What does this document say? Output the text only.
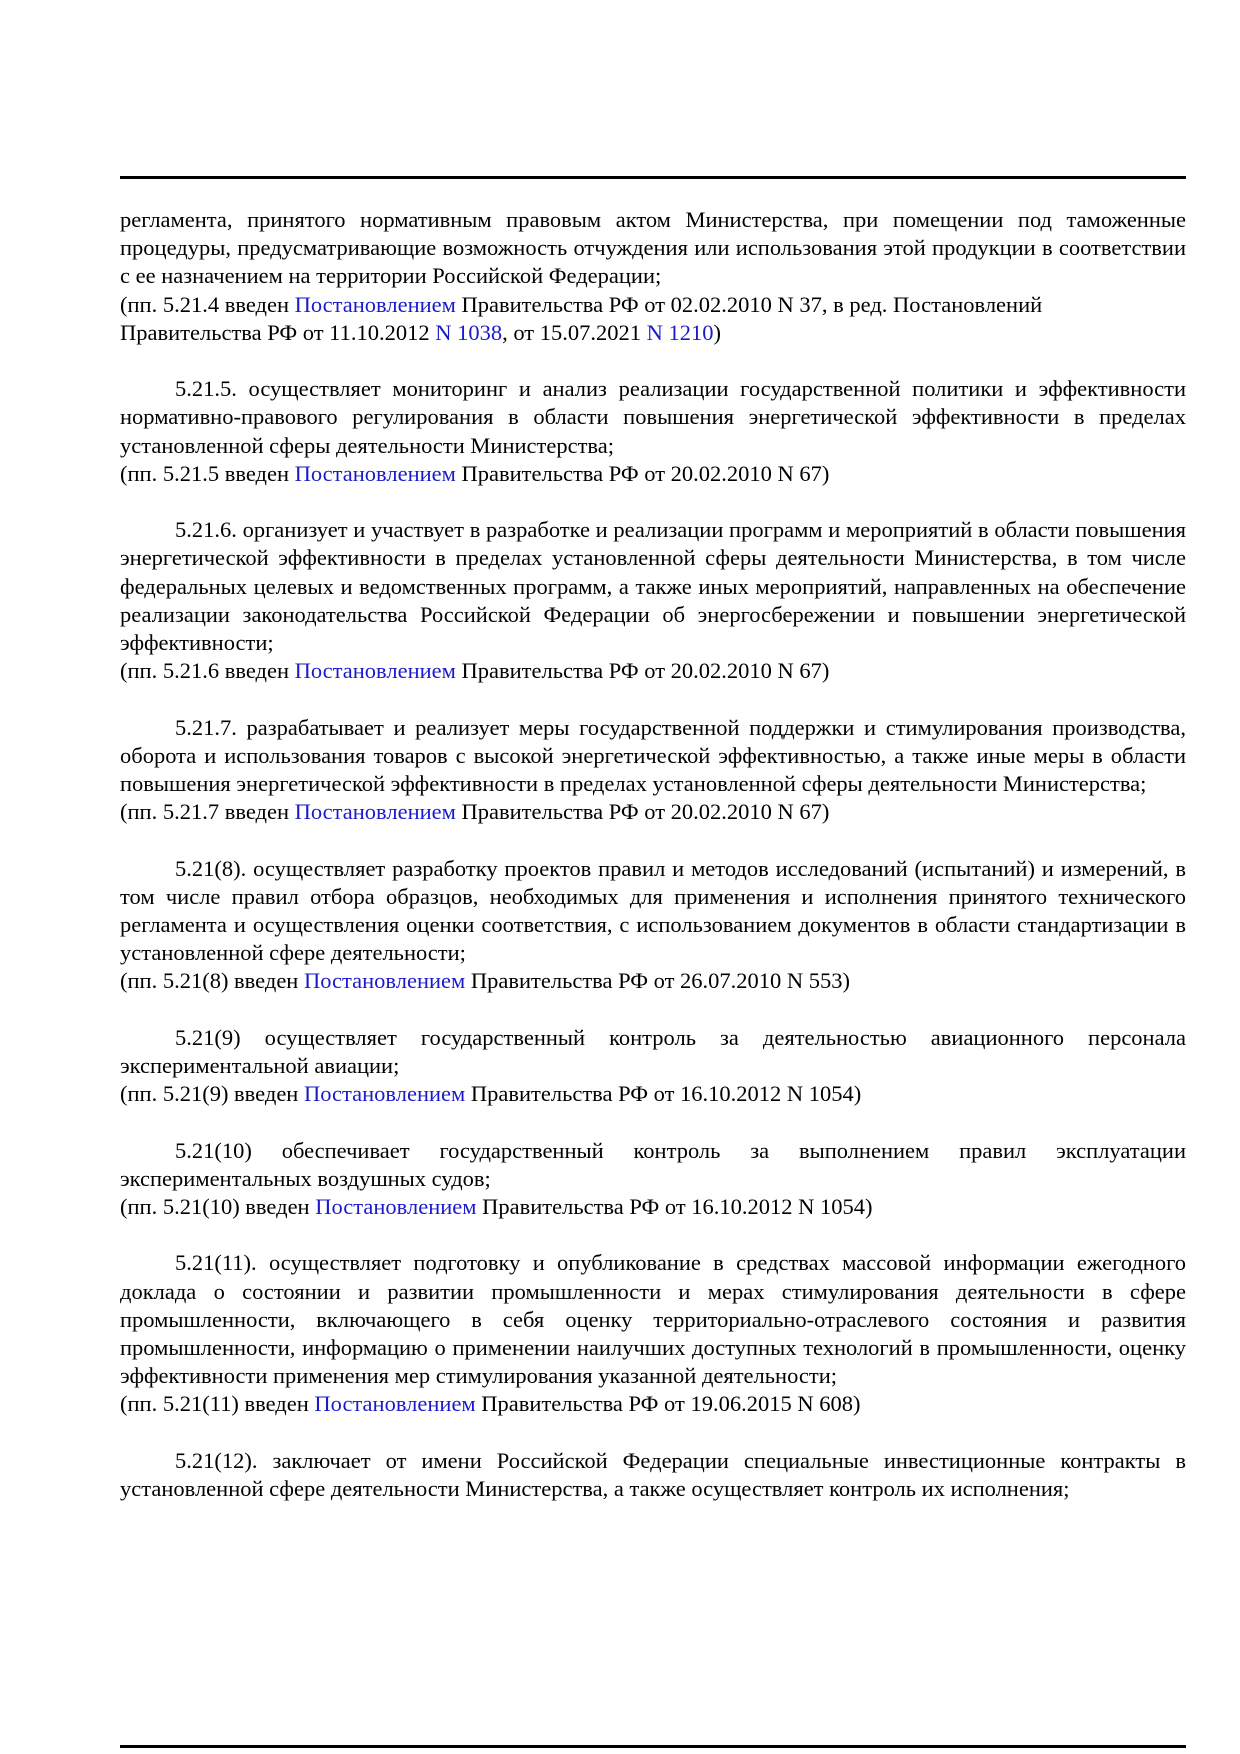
регламента, принятого нормативным правовым актом Министерства, при помещении под таможенные процедуры, предусматривающие возможность отчуждения или использования этой продукции в соответствии с ее назначением на территории Российской Федерации;

(пп. 5.21.4 введен Постановлением Правительства РФ от 02.02.2010 N 37, в ред. Постановлений Правительства РФ от 11.10.2012 N 1038, от 15.07.2021 N 1210)

5.21.5. осуществляет мониторинг и анализ реализации государственной политики и эффективности нормативно-правового регулирования в области повышения энергетической эффективности в пределах установленной сферы деятельности Министерства;

(пп. 5.21.5 введен Постановлением Правительства РФ от 20.02.2010 N 67)

5.21.6. организует и участвует в разработке и реализации программ и мероприятий в области повышения энергетической эффективности в пределах установленной сферы деятельности Министерства, в том числе федеральных целевых и ведомственных программ, а также иных мероприятий, направленных на обеспечение реализации законодательства Российской Федерации об энергосбережении и повышении энергетической эффективности;

(пп. 5.21.6 введен Постановлением Правительства РФ от 20.02.2010 N 67)

5.21.7. разрабатывает и реализует меры государственной поддержки и стимулирования производства, оборота и использования товаров с высокой энергетической эффективностью, а также иные меры в области повышения энергетической эффективности в пределах установленной сферы деятельности Министерства;

(пп. 5.21.7 введен Постановлением Правительства РФ от 20.02.2010 N 67)

5.21(8). осуществляет разработку проектов правил и методов исследований (испытаний) и измерений, в том числе правил отбора образцов, необходимых для применения и исполнения принятого технического регламента и осуществления оценки соответствия, с использованием документов в области стандартизации в установленной сфере деятельности;

(пп. 5.21(8) введен Постановлением Правительства РФ от 26.07.2010 N 553)

5.21(9) осуществляет государственный контроль за деятельностью авиационного персонала экспериментальной авиации;

(пп. 5.21(9) введен Постановлением Правительства РФ от 16.10.2012 N 1054)

5.21(10) обеспечивает государственный контроль за выполнением правил эксплуатации экспериментальных воздушных судов;

(пп. 5.21(10) введен Постановлением Правительства РФ от 16.10.2012 N 1054)

5.21(11). осуществляет подготовку и опубликование в средствах массовой информации ежегодного доклада о состоянии и развитии промышленности и мерах стимулирования деятельности в сфере промышленности, включающего в себя оценку территориально-отраслевого состояния и развития промышленности, информацию о применении наилучших доступных технологий в промышленности, оценку эффективности применения мер стимулирования указанной деятельности;

(пп. 5.21(11) введен Постановлением Правительства РФ от 19.06.2015 N 608)

5.21(12). заключает от имени Российской Федерации специальные инвестиционные контракты в установленной сфере деятельности Министерства, а также осуществляет контроль их исполнения;
